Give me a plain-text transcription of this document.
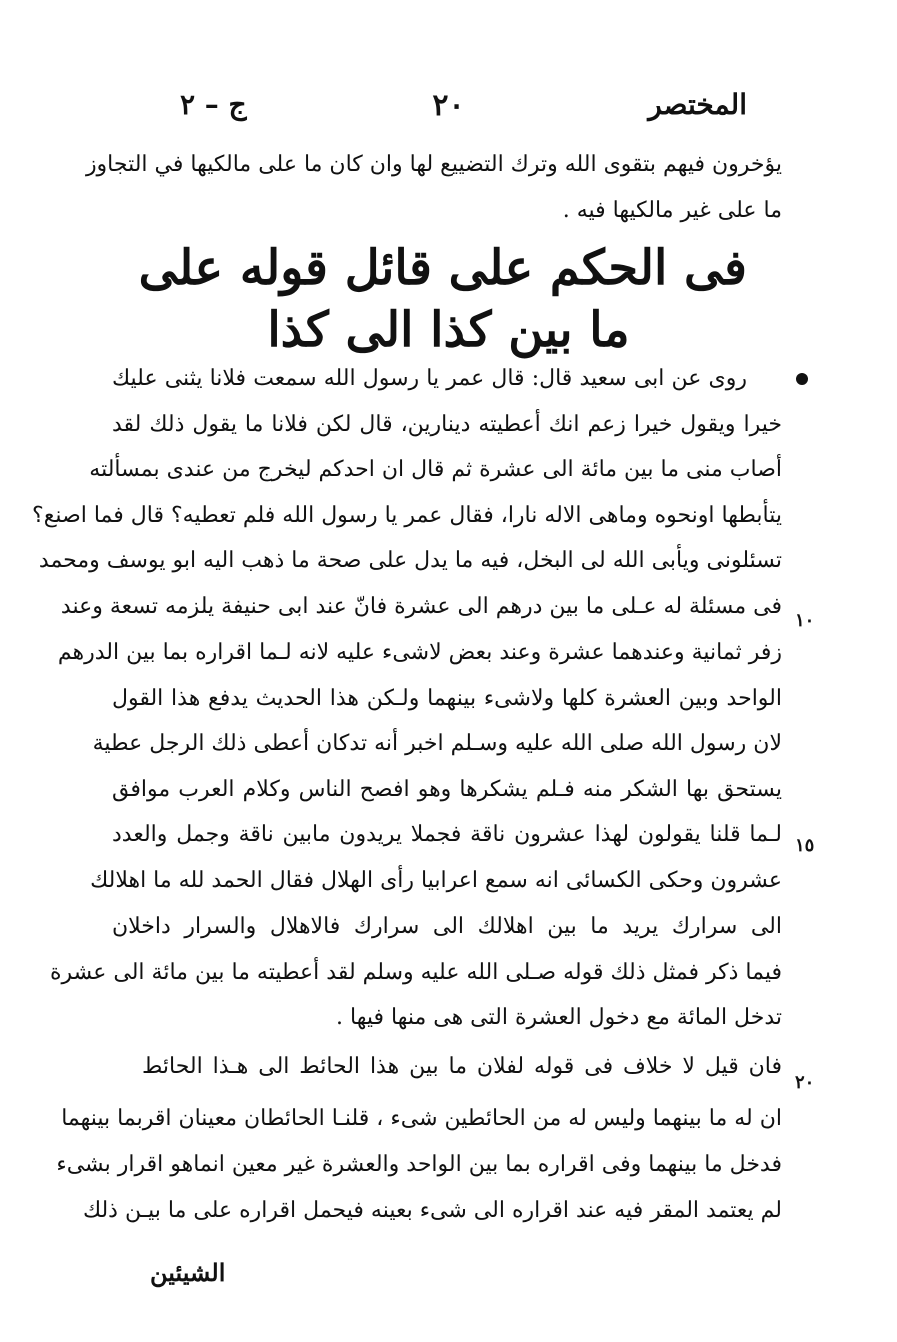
المختصر
٢٠
ج – ٢
يؤخرون فيهم بتقوى الله وترك التضييع لها وان كان ما على مالكيها في التجاوز
ما على غير مالكيها فيه .
فى الحكم على قائل قوله على
ما بين كذا الى كذا
روى عن ابى سعيد قال: قال عمر يا رسول الله سمعت فلانا يثنى عليك
خيرا ويقول خيرا زعم انك أعطيته دينارين، قال لكن فلانا ما يقول ذلك لقد
أصاب منى ما بين مائة الى عشرة ثم قال ان احدكم ليخرج من عندى بمسألته
يتأبطها اونحوه وماهى الاله نارا، فقال عمر يا رسول الله فلم تعطيه؟ قال فما اصنع؟
تسئلونى ويأبى الله لى البخل، فيه ما يدل على صحة ما ذهب اليه ابو يوسف ومحمد
١٠
فى مسئلة له عـلى ما بين درهم الى عشرة فانّ عند ابى حنيفة يلزمه تسعة وعند
زفر ثمانية وعندهما عشرة وعند بعض لاشىء عليه لانه لـما اقراره بما بين الدرهم
الواحد وبين العشرة كلها ولاشىء بينهما ولـكن هذا الحديث يدفع هذا القول
لان رسول الله صلى الله عليه وسـلم اخبر أنه تدكان أعطى ذلك الرجل عطية
يستحق بها الشكر منه فـلم يشكرها وهو افصح الناس وكلام العرب موافق
١٥
لـما قلنا يقولون لهذا عشرون ناقة فجملا يريدون مابين ناقة وجمل والعدد
عشرون وحكى الكسائى انه سمع اعرابيا رأى الهلال فقال الحمد لله ما اهلالك
الى سرارك يريد ما بين اهلالك الى سرارك فالاهلال والسرار داخلان
فيما ذكر فمثل ذلك قوله صـلى الله عليه وسلم لقد أعطيته ما بين مائة الى عشرة
تدخل المائة مع دخول العشرة التى هى منها فيها .
٢٠
فان قيل لا خلاف فى قوله لفلان ما بين هذا الحائط الى هـذا الحائط
ان له ما بينهما وليس له من الحائطين شىء ، قلنـا الحائطان معينان اقربما بينهما
فدخل ما بينهما وفى اقراره بما بين الواحد والعشرة غير معين انماهو اقرار بشىء
لم يعتمد المقر فيه عند اقراره الى شىء بعينه فيحمل اقراره على ما بيـن ذلك
الشيئين
